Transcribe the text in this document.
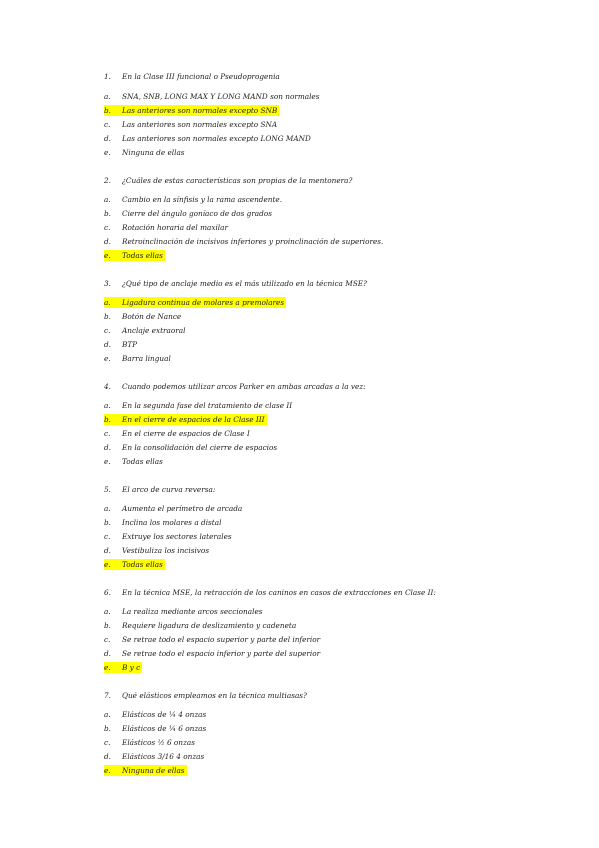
1. En la Clase III funcional o Pseudoprogenia
a. SNA, SNB, LONG MAX Y LONG MAND son normales
b. Las anteriores son normales excepto SNB
c. Las anteriores son normales excepto SNA
d. Las anteriores son normales excepto LONG MAND
e. Ninguna de ellas
2. ¿Cuáles de estas características son propias de la mentonera?
a. Cambio en la sínfisis y la rama ascendente.
b. Cierre del ángulo goníaco de dos grados
c. Rotación horaria del maxilar
d. Retroinclinación de incisivos inferiores y proinclinación de superiores.
e. Todas ellas
3. ¿Qué tipo de anclaje medio es el más utilizado en la técnica MSE?
a. Ligadura continua de molares a premolares
b. Botón de Nance
c. Anclaje extraoral
d. BTP
e. Barra lingual
4. Cuando podemos utilizar arcos Parker en ambas arcadas a la vez:
a. En la segunda fase del tratamiento de clase II
b. En el cierre de espacios de la Clase III
c. En el cierre de espacios de Clase I
d. En la consolidación del cierre de espacios
e. Todas ellas
5. El arco de curva reversa:
a. Aumenta el perímetro de arcada
b. Inclina los molares a distal
c. Extruye los sectores laterales
d. Vestibuliza los incisivos
e. Todas ellas
6. En la técnica MSE, la retracción de los caninos en casos de extracciones en Clase II:
a. La realiza mediante arcos seccionales
b. Requiere ligadura de deslizamiento y cadeneta
c. Se retrae todo el espacio superior y parte del inferior
d. Se retrae todo el espacio inferior y parte del superior
e. B y c
7. Qué elásticos empleamos en la técnica multiasas?
a. Elásticos de ¼ 4 onzas
b. Elásticos de ¼ 6 onzas
c. Elásticos ½ 6 onzas
d. Elásticos 3/16 4 onzas
e. Ninguna de ellas
